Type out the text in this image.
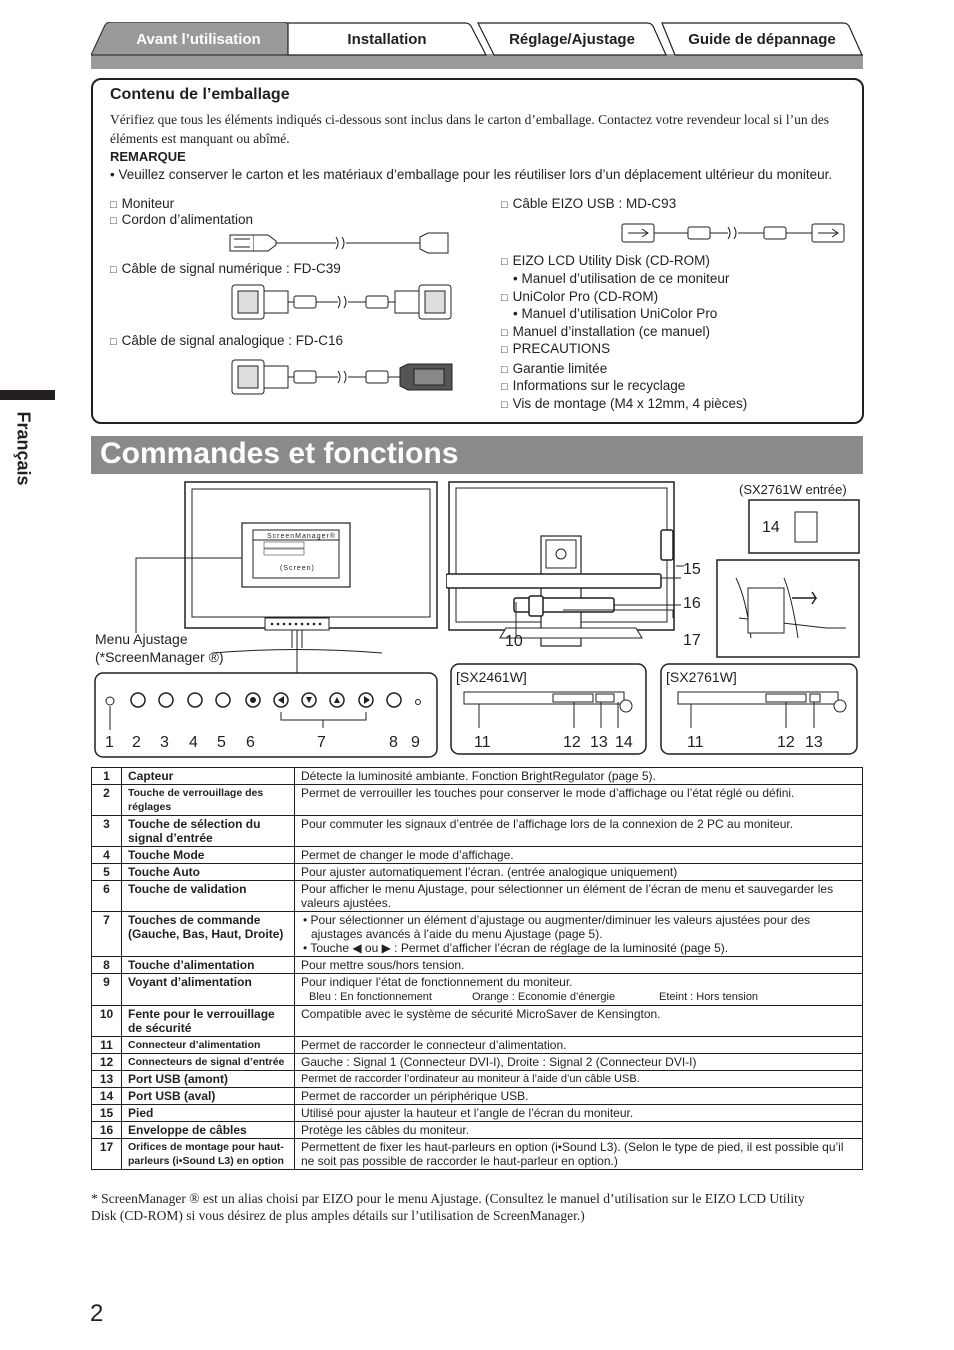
Avant l’utilisation	Installation	Réglage/Ajustage	Guide de dépannage
Contenu de l’emballage
Vérifiez que tous les éléments indiqués ci-dessous sont inclus dans le carton d’emballage. Contactez votre revendeur local si l’un des éléments est manquant ou abîmé.
REMARQUE
• Veuillez conserver le carton et les matériaux d’emballage pour les réutiliser lors d’un déplacement ultérieur du moniteur.
□ Moniteur
□ Cordon d’alimentation
□ Câble de signal numérique : FD-C39
□ Câble de signal analogique : FD-C16
□ Câble EIZO USB : MD-C93
□ EIZO LCD Utility Disk (CD-ROM)
• Manuel d’utilisation de ce moniteur
□ UniColor Pro (CD-ROM)
• Manuel d’utilisation UniColor Pro
□ Manuel d’installation (ce manuel)
□ PRECAUTIONS
□ Garantie limitée
□ Informations sur le recyclage
□ Vis de montage (M4 x 12mm, 4 pièces)
Français Commandes et fonctions
ScreenManager®
(Screen)
Menu Ajustage
(*ScreenManager ®)
1 2 3 4 5 6	7	8 9
(SX2761W entrée)
14
15
16
10	17
[SX2461W]	[SX2761W]
11	12 13 14	11	12 13
1	Capteur	Détecte la luminosité ambiante. Fonction BrightRegulator (page 5).
2	Touche de verrouillage des réglages	Permet de verrouiller les touches pour conserver le mode d’affichage ou l’état réglé ou défini.
3	Touche de sélection du signal d’entrée	Pour commuter les signaux d’entrée de l’affichage lors de la connexion de 2 PC au moniteur.
4	Touche Mode	Permet de changer le mode d’affichage.
5	Touche Auto	Pour ajuster automatiquement l’écran. (entrée analogique uniquement)
6	Touche de validation	Pour afficher le menu Ajustage, pour sélectionner un élément de l’écran de menu et sauvegarder les valeurs ajustées.
7	Touches de commande (Gauche, Bas, Haut, Droite)	• Pour sélectionner un élément d’ajustage ou augmenter/diminuer les valeurs ajustées pour des ajustages avancés à l’aide du menu Ajustage (page 5).
• Touche ◀ ou ▶ : Permet d’afficher l’écran de réglage de la luminosité (page 5).

8	Touche d’alimentation	Pour mettre sous/hors tension.
9	Voyant d’alimentation	Pour indiquer l’état de fonctionnement du moniteur.
Bleu : En fonctionnement Orange : Economie d’énergie Eteint : Hors tension

10	Fente pour le verrouillage de sécurité	Compatible avec le système de sécurité MicroSaver de Kensington.
11	Connecteur d’alimentation	Permet de raccorder le connecteur d’alimentation.
12	Connecteurs de signal d’entrée	Gauche : Signal 1 (Connecteur DVI-I), Droite : Signal 2 (Connecteur DVI-I)
13	Port USB (amont)	Permet de raccorder l’ordinateur au moniteur à l’aide d’un câble USB.
14	Port USB (aval)	Permet de raccorder un périphérique USB.
15	Pied	Utilisé pour ajuster la hauteur et l’angle de l’écran du moniteur.
16	Enveloppe de câbles	Protège les câbles du moniteur.
17	Orifices de montage pour haut-parleurs (i•Sound L3) en option	Permettent de fixer les haut-parleurs en option (i•Sound L3). (Selon le type de pied, il est possible qu’il ne soit pas possible de raccorder le haut-parleur en option.)
* ScreenManager ® est un alias choisi par EIZO pour le menu Ajustage. (Consultez le manuel d’utilisation sur le EIZO LCD Utility Disk (CD-ROM) si vous désirez de plus amples détails sur l’utilisation de ScreenManager.)
2
